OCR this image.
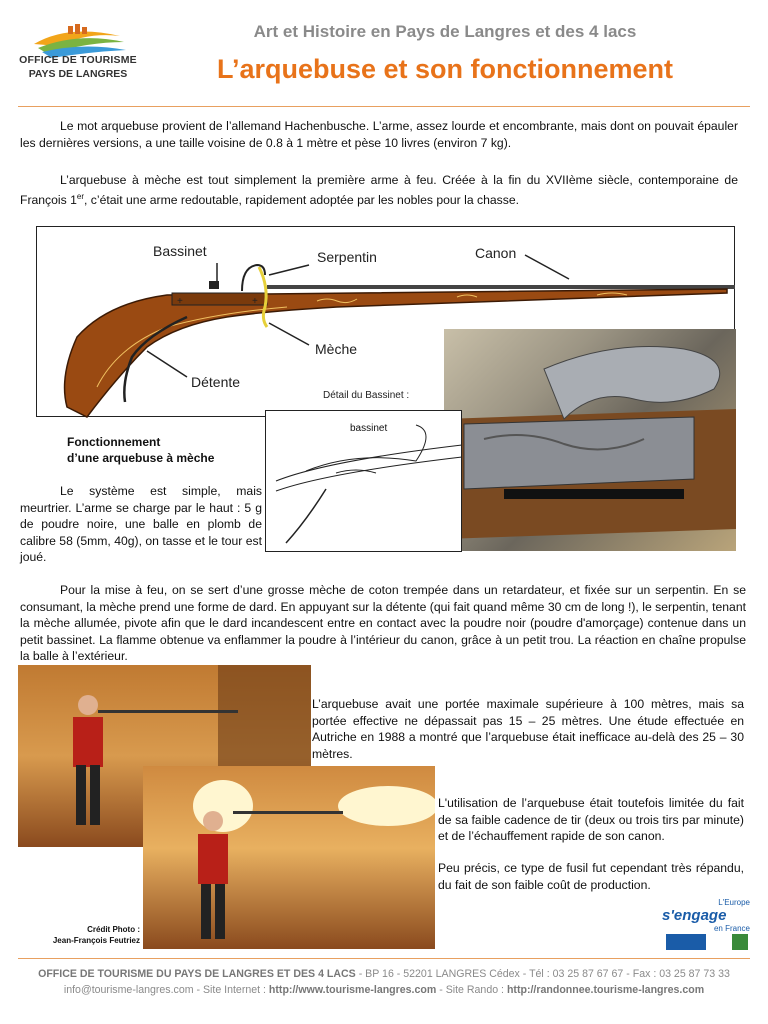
OFFICE DE TOURISME
PAYS DE LANGRES
Art et Histoire en Pays de Langres et des 4 lacs
L’arquebuse et son fonctionnement

Le mot arquebuse provient de l’allemand Hachenbusche. L’arme, assez lourde et encombrante, mais dont on pouvait épauler les dernières versions, a une taille voisine de 0.8 à 1 mètre et pèse 10 livres (environ 7 kg).

L’arquebuse à mèche est tout simplement la première arme à feu. Créée à la fin du XVIIème siècle, contemporaine de François 1er, c’était une arme redoutable, rapidement adoptée par les nobles pour la chasse.

+	+
Bassinet	Serpentin	Canon
Mèche
Détente
Détail du Bassinet :
bassinet
Fonctionnement
d’une arquebuse à mèche

Le système est simple, mais meurtrier. L’arme se charge par le haut : 5 g de poudre noire, une balle en plomb de calibre 58 (5mm, 40g), on tasse et le tour est joué.

Pour la mise à feu, on se sert d’une grosse mèche de coton trempée dans un retardateur, et fixée sur un serpentin. En se consumant, la mèche prend une forme de dard. En appuyant sur la détente (qui fait quand même 30 cm de long !), le serpentin, tenant la mèche allumée, pivote afin que le dard incandescent entre en contact avec la poudre noir (poudre d'amorçage) contenue dans un petit bassinet. La flamme obtenue va enflammer la poudre à l’intérieur du canon, grâce à un petit trou. La réaction en chaîne propulse la balle à l’extérieur.

Crédit Photo :
Jean-François Feutriez

L’arquebuse avait une portée maximale supérieure à 100 mètres, mais sa portée effective ne dépassait pas 15 – 25 mètres. Une étude effectuée en Autriche en 1988 a montré que l’arquebuse était inefficace au-delà des 25 – 30 mètres.

L'utilisation de l’arquebuse était toutefois limitée du fait de sa faible cadence de tir (deux ou trois tirs par minute) et de l’échauffement rapide de son canon.

Peu précis, ce type de fusil fut cependant très répandu, du fait de son faible coût de production.

L'Europe
s'engage
en France
OFFICE DE TOURISME DU PAYS DE LANGRES ET DES 4 LACS - BP 16 - 52201 LANGRES Cédex - Tél : 03 25 87 67 67 - Fax : 03 25 87 73 33
info@tourisme-langres.com - Site Internet : http://www.tourisme-langres.com - Site Rando : http://randonnee.tourisme-langres.com
